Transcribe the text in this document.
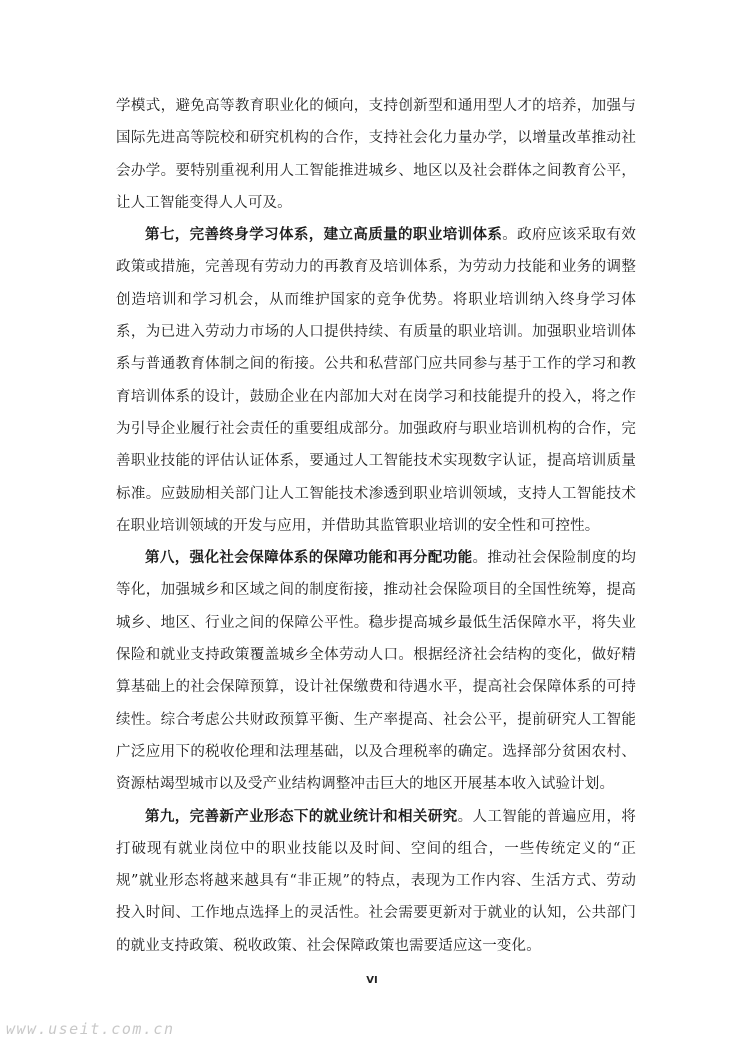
学模式，避免高等教育职业化的倾向，支持创新型和通用型人才的培养，加强与国际先进高等院校和研究机构的合作，支持社会化力量办学，以增量改革推动社会办学。要特别重视利用人工智能推进城乡、地区以及社会群体之间教育公平，让人工智能变得人人可及。

第七，完善终身学习体系，建立高质量的职业培训体系。政府应该采取有效政策或措施，完善现有劳动力的再教育及培训体系，为劳动力技能和业务的调整创造培训和学习机会，从而维护国家的竞争优势。将职业培训纳入终身学习体系，为已进入劳动力市场的人口提供持续、有质量的职业培训。加强职业培训体系与普通教育体制之间的衔接。公共和私营部门应共同参与基于工作的学习和教育培训体系的设计，鼓励企业在内部加大对在岗学习和技能提升的投入，将之作为引导企业履行社会责任的重要组成部分。加强政府与职业培训机构的合作，完善职业技能的评估认证体系，要通过人工智能技术实现数字认证，提高培训质量标准。应鼓励相关部门让人工智能技术渗透到职业培训领域，支持人工智能技术在职业培训领域的开发与应用，并借助其监管职业培训的安全性和可控性。

第八，强化社会保障体系的保障功能和再分配功能。推动社会保险制度的均等化，加强城乡和区域之间的制度衔接，推动社会保险项目的全国性统筹，提高城乡、地区、行业之间的保障公平性。稳步提高城乡最低生活保障水平，将失业保险和就业支持政策覆盖城乡全体劳动人口。根据经济社会结构的变化，做好精算基础上的社会保障预算，设计社保缴费和待遇水平，提高社会保障体系的可持续性。综合考虑公共财政预算平衡、生产率提高、社会公平，提前研究人工智能广泛应用下的税收伦理和法理基础，以及合理税率的确定。选择部分贫困农村、资源枯竭型城市以及受产业结构调整冲击巨大的地区开展基本收入试验计划。

第九，完善新产业形态下的就业统计和相关研究。人工智能的普遍应用，将打破现有就业岗位中的职业技能以及时间、空间的组合，一些传统定义的“正规”就业形态将越来越具有“非正规”的特点，表现为工作内容、生活方式、劳动投入时间、工作地点选择上的灵活性。社会需要更新对于就业的认知，公共部门的就业支持政策、税收政策、社会保障政策也需要适应这一变化。

VI
www.useit.com.cn
